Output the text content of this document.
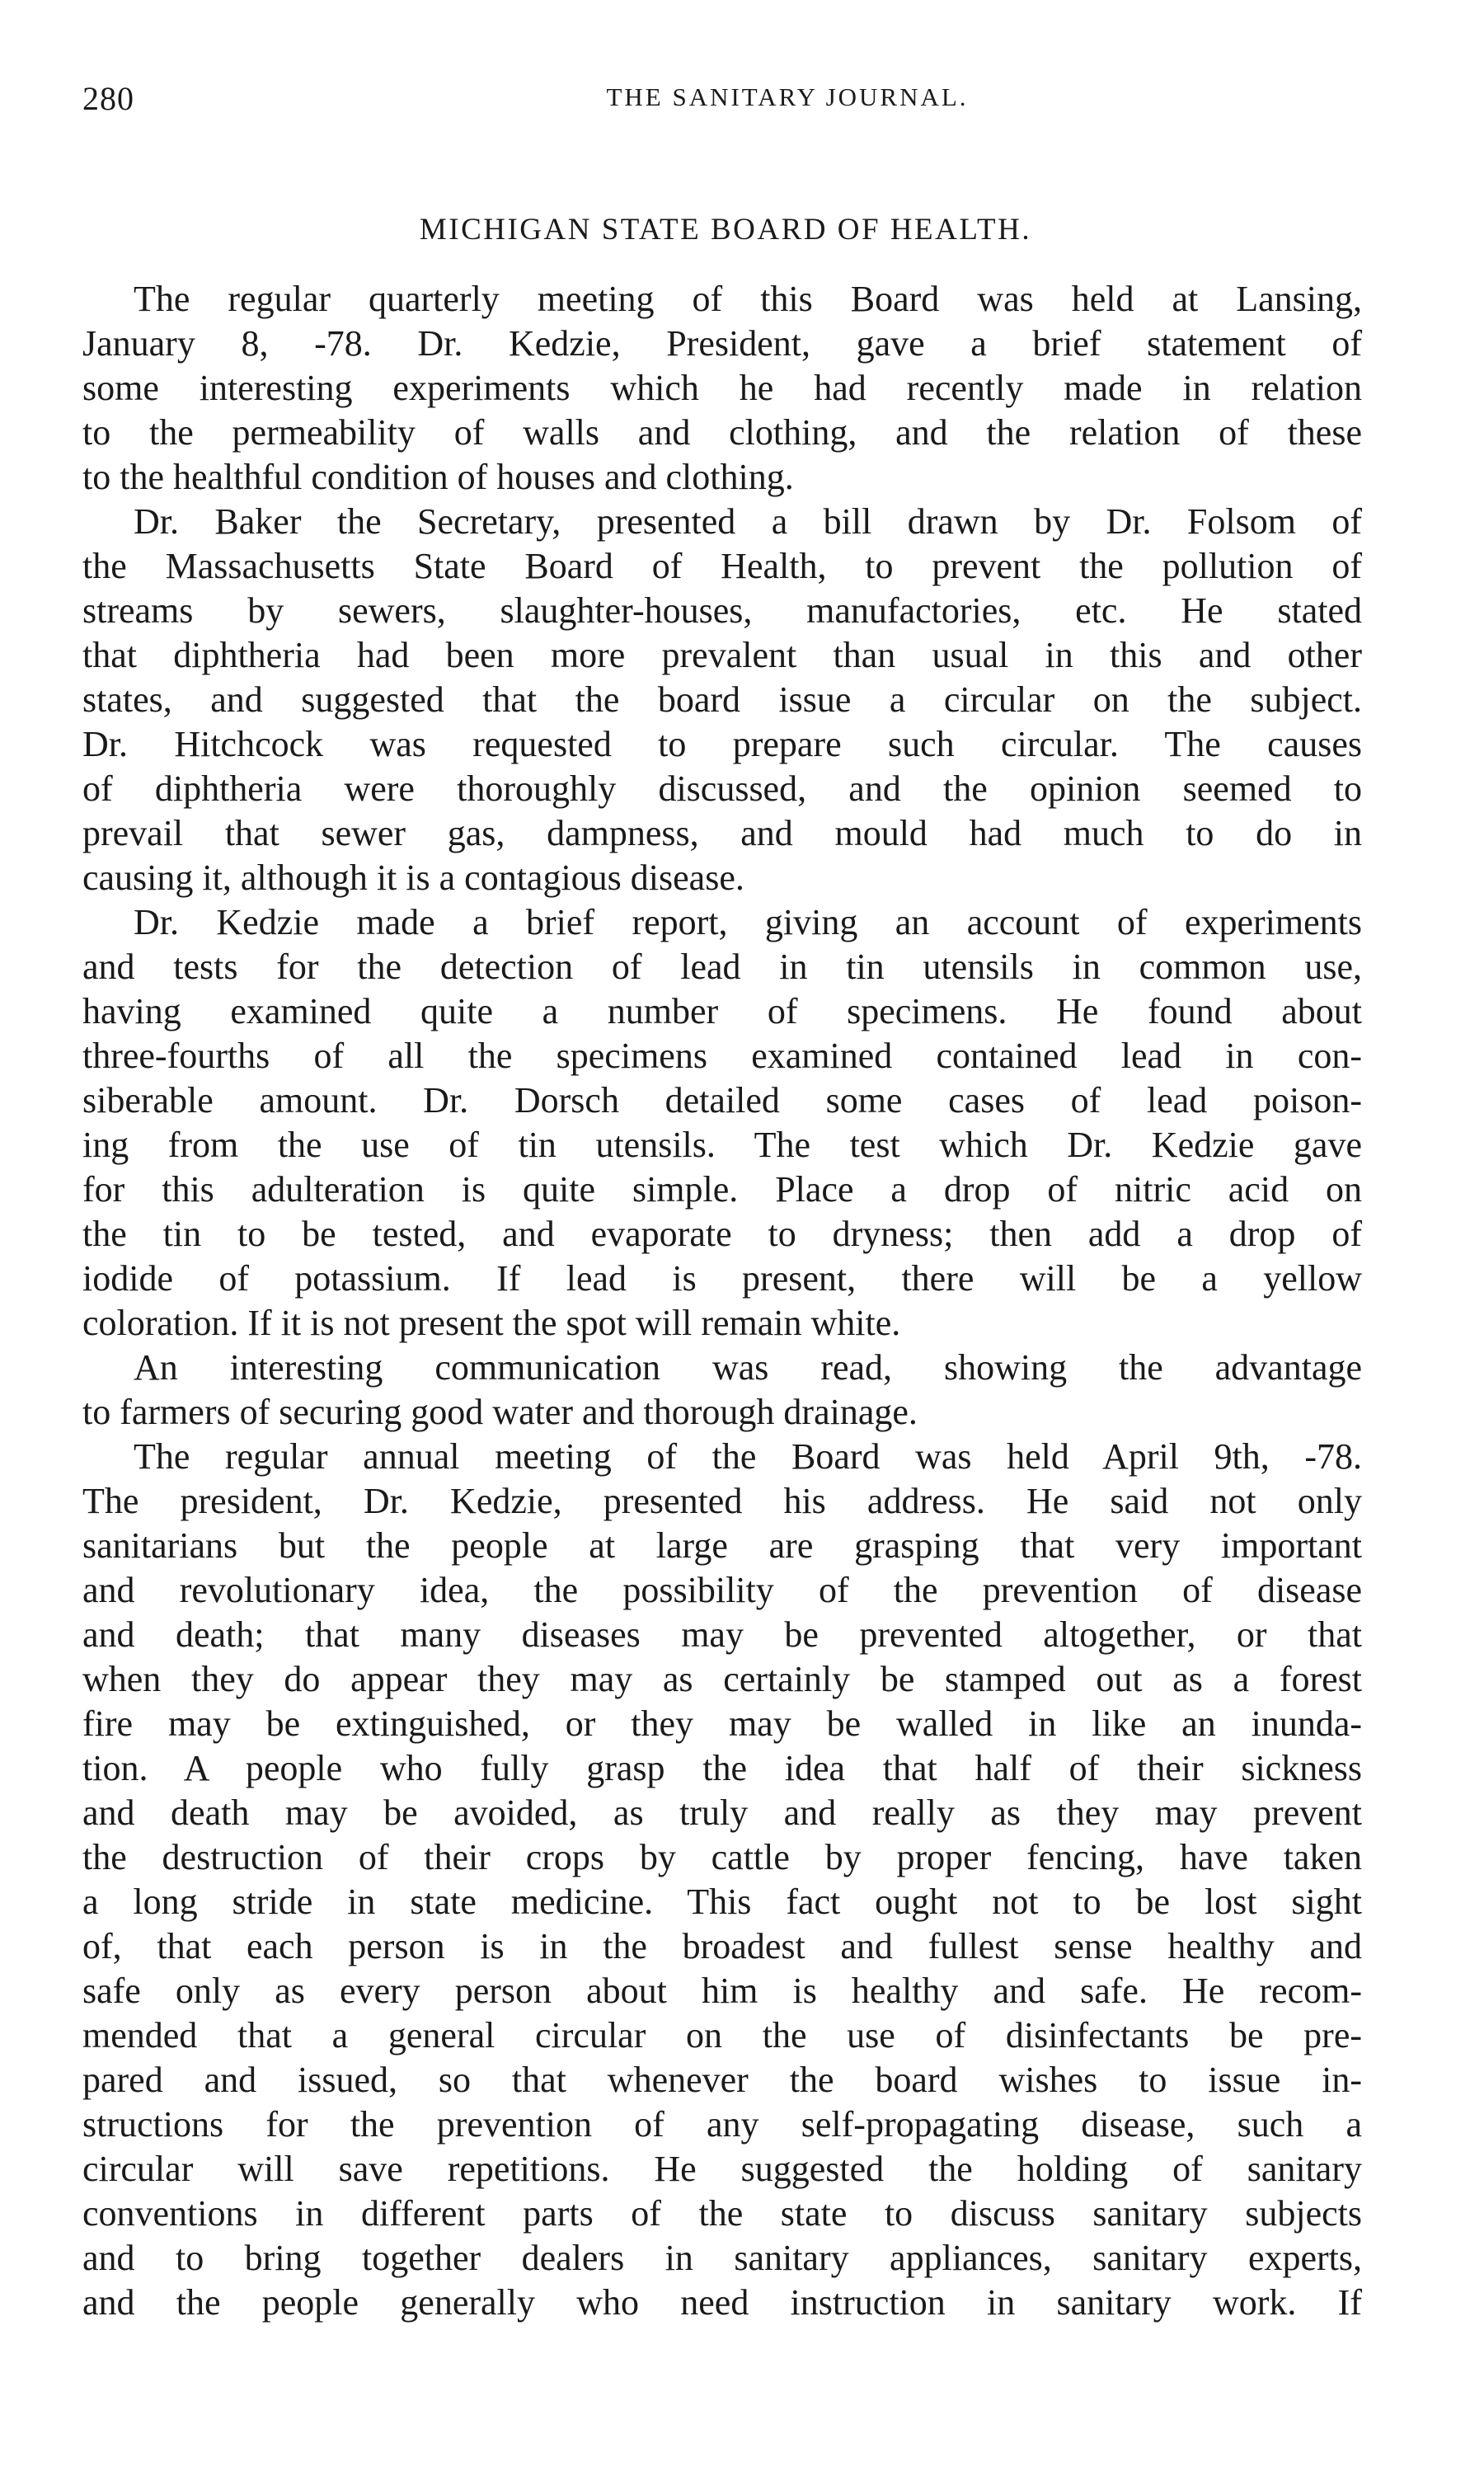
280	THE SANITARY JOURNAL.
MICHIGAN STATE BOARD OF HEALTH.
The regular quarterly meeting of this Board was held at Lansing,
January 8, -78. Dr. Kedzie, President, gave a brief statement of
some interesting experiments which he had recently made in relation
to the permeability of walls and clothing, and the relation of these
to the healthful condition of houses and clothing.
Dr. Baker the Secretary, presented a bill drawn by Dr. Folsom of
the Massachusetts State Board of Health, to prevent the pollution of
streams by sewers, slaughter-houses, manufactories, etc. He stated
that diphtheria had been more prevalent than usual in this and other
states, and suggested that the board issue a circular on the subject.
Dr. Hitchcock was requested to prepare such circular. The causes
of diphtheria were thoroughly discussed, and the opinion seemed to
prevail that sewer gas, dampness, and mould had much to do in
causing it, although it is a contagious disease.
Dr. Kedzie made a brief report, giving an account of experiments
and tests for the detection of lead in tin utensils in common use,
having examined quite a number of specimens. He found about
three-fourths of all the specimens examined contained lead in con-
siberable amount. Dr. Dorsch detailed some cases of lead poison-
ing from the use of tin utensils. The test which Dr. Kedzie gave
for this adulteration is quite simple. Place a drop of nitric acid on
the tin to be tested, and evaporate to dryness; then add a drop of
iodide of potassium. If lead is present, there will be a yellow
coloration. If it is not present the spot will remain white.
An interesting communication was read, showing the advantage
to farmers of securing good water and thorough drainage.
The regular annual meeting of the Board was held April 9th, -78.
The president, Dr. Kedzie, presented his address. He said not only
sanitarians but the people at large are grasping that very important
and revolutionary idea, the possibility of the prevention of disease
and death; that many diseases may be prevented altogether, or that
when they do appear they may as certainly be stamped out as a forest
fire may be extinguished, or they may be walled in like an inunda-
tion. A people who fully grasp the idea that half of their sickness
and death may be avoided, as truly and really as they may prevent
the destruction of their crops by cattle by proper fencing, have taken
a long stride in state medicine. This fact ought not to be lost sight
of, that each person is in the broadest and fullest sense healthy and
safe only as every person about him is healthy and safe. He recom-
mended that a general circular on the use of disinfectants be pre-
pared and issued, so that whenever the board wishes to issue in-
structions for the prevention of any self-propagating disease, such a
circular will save repetitions. He suggested the holding of sanitary
conventions in different parts of the state to discuss sanitary subjects
and to bring together dealers in sanitary appliances, sanitary experts,
and the people generally who need instruction in sanitary work. If
